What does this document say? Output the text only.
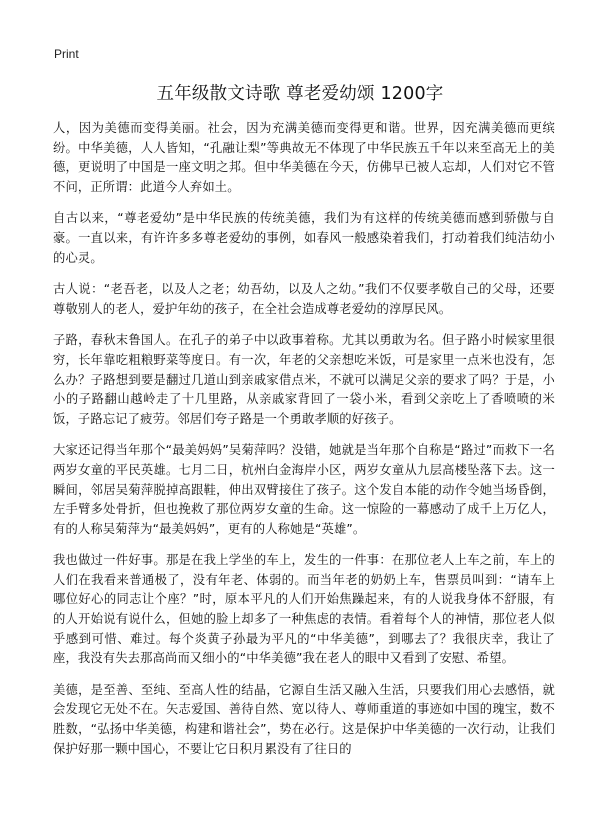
Print
五年级散文诗歌 尊老爱幼颂 1200字

人，因为美德而变得美丽。社会，因为充满美德而变得更和谐。世界，因充满美德而更缤纷。中华美德，人人皆知，“孔融让梨”等典故无不体现了中华民族五千年以来至高无上的美德，更说明了中国是一座文明之邦。但中华美德在今天，仿佛早已被人忘却，人们对它不管不问，正所谓：此道今人弃如土。

自古以来，“尊老爱幼”是中华民族的传统美德，我们为有这样的传统美德而感到骄傲与自豪。一直以来，有许许多多尊老爱幼的事例，如春风一般感染着我们，打动着我们纯洁幼小的心灵。

古人说：“老吾老，以及人之老；幼吾幼，以及人之幼。”我们不仅要孝敬自己的父母，还要尊敬别人的老人，爱护年幼的孩子，在全社会造成尊老爱幼的淳厚民风。

子路，春秋末鲁国人。在孔子的弟子中以政事着称。尤其以勇敢为名。但子路小时候家里很穷，长年靠吃粗粮野菜等度日。有一次，年老的父亲想吃米饭，可是家里一点米也没有，怎么办？子路想到要是翻过几道山到亲戚家借点米，不就可以满足父亲的要求了吗？于是，小小的子路翻山越岭走了十几里路，从亲戚家背回了一袋小米，看到父亲吃上了香喷喷的米饭，子路忘记了疲劳。邻居们夸子路是一个勇敢孝顺的好孩子。

大家还记得当年那个“最美妈妈”吴菊萍吗？没错，她就是当年那个自称是“路过”而救下一名两岁女童的平民英雄。七月二日，杭州白金海岸小区，两岁女童从九层高楼坠落下去。这一瞬间，邻居吴菊萍脱掉高跟鞋，伸出双臂接住了孩子。这个发自本能的动作令她当场昏倒，左手臂多处骨折，但也挽救了那位两岁女童的生命。这一惊险的一幕感动了成千上万亿人，有的人称吴菊萍为“最美妈妈”，更有的人称她是“英雄”。

我也做过一件好事。那是在我上学坐的车上，发生的一件事：在那位老人上车之前，车上的人们在我看来普通极了，没有年老、体弱的。而当年老的奶奶上车，售票员叫到：“请车上哪位好心的同志让个座？”时，原本平凡的人们开始焦躁起来，有的人说我身体不舒服，有的人开始说有说什么，但她的脸上却多了一种焦虑的表情。看着每个人的神情，那位老人似乎感到可惜、难过。每个炎黄子孙最为平凡的“中华美德”，到哪去了？我很庆幸，我让了座，我没有失去那高尚而又细小的“中华美德”我在老人的眼中又看到了安慰、希望。

美德，是至善、至纯、至高人性的结晶，它源自生活又融入生活，只要我们用心去感悟，就会发现它无处不在。矢志爱国、善待自然、宽以待人、尊师重道的事迹如中国的瑰宝，数不胜数，“弘扬中华美德，构建和谐社会”，势在必行。这是保护中华美德的一次行动，让我们保护好那一颗中国心，不要让它日积月累没有了往日的
